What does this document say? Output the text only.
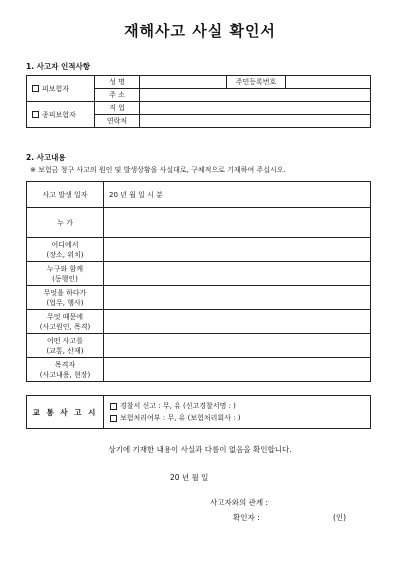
재해사고 사실 확인서
1. 사고자 인적사항
피보험자	성 명		주민등록번호	
	주 소			
종피보험자	직 업			
	연락처			
2. 사고내용
※ 보험금 청구 사고의 원인 및 발생상황을 사실대로, 구체적으로 기재하여 주십시오.
사고 발생 일자	20 년 월 일 시 분

누 가	

어디에서
(장소, 위치)	

누구와 함께
(동행인)	

무엇을 하다가
(업무, 행사)	

무엇 때문에
(사고원인, 목격)	

어떤 사고를
(교통, 산재)	

목격자
(사고내용, 현장)	

교 통 사 고 시	
경찰서 신고 : 무, 유 (신고경찰서명 : )
보험처리여부 : 무, 유 (보험처리회사 : )
상기에 기재한 내용이 사실과 다름이 없음을 확인합니다.
20 년 월 일
사고자와의 관계 :
확인자 :	(인)
